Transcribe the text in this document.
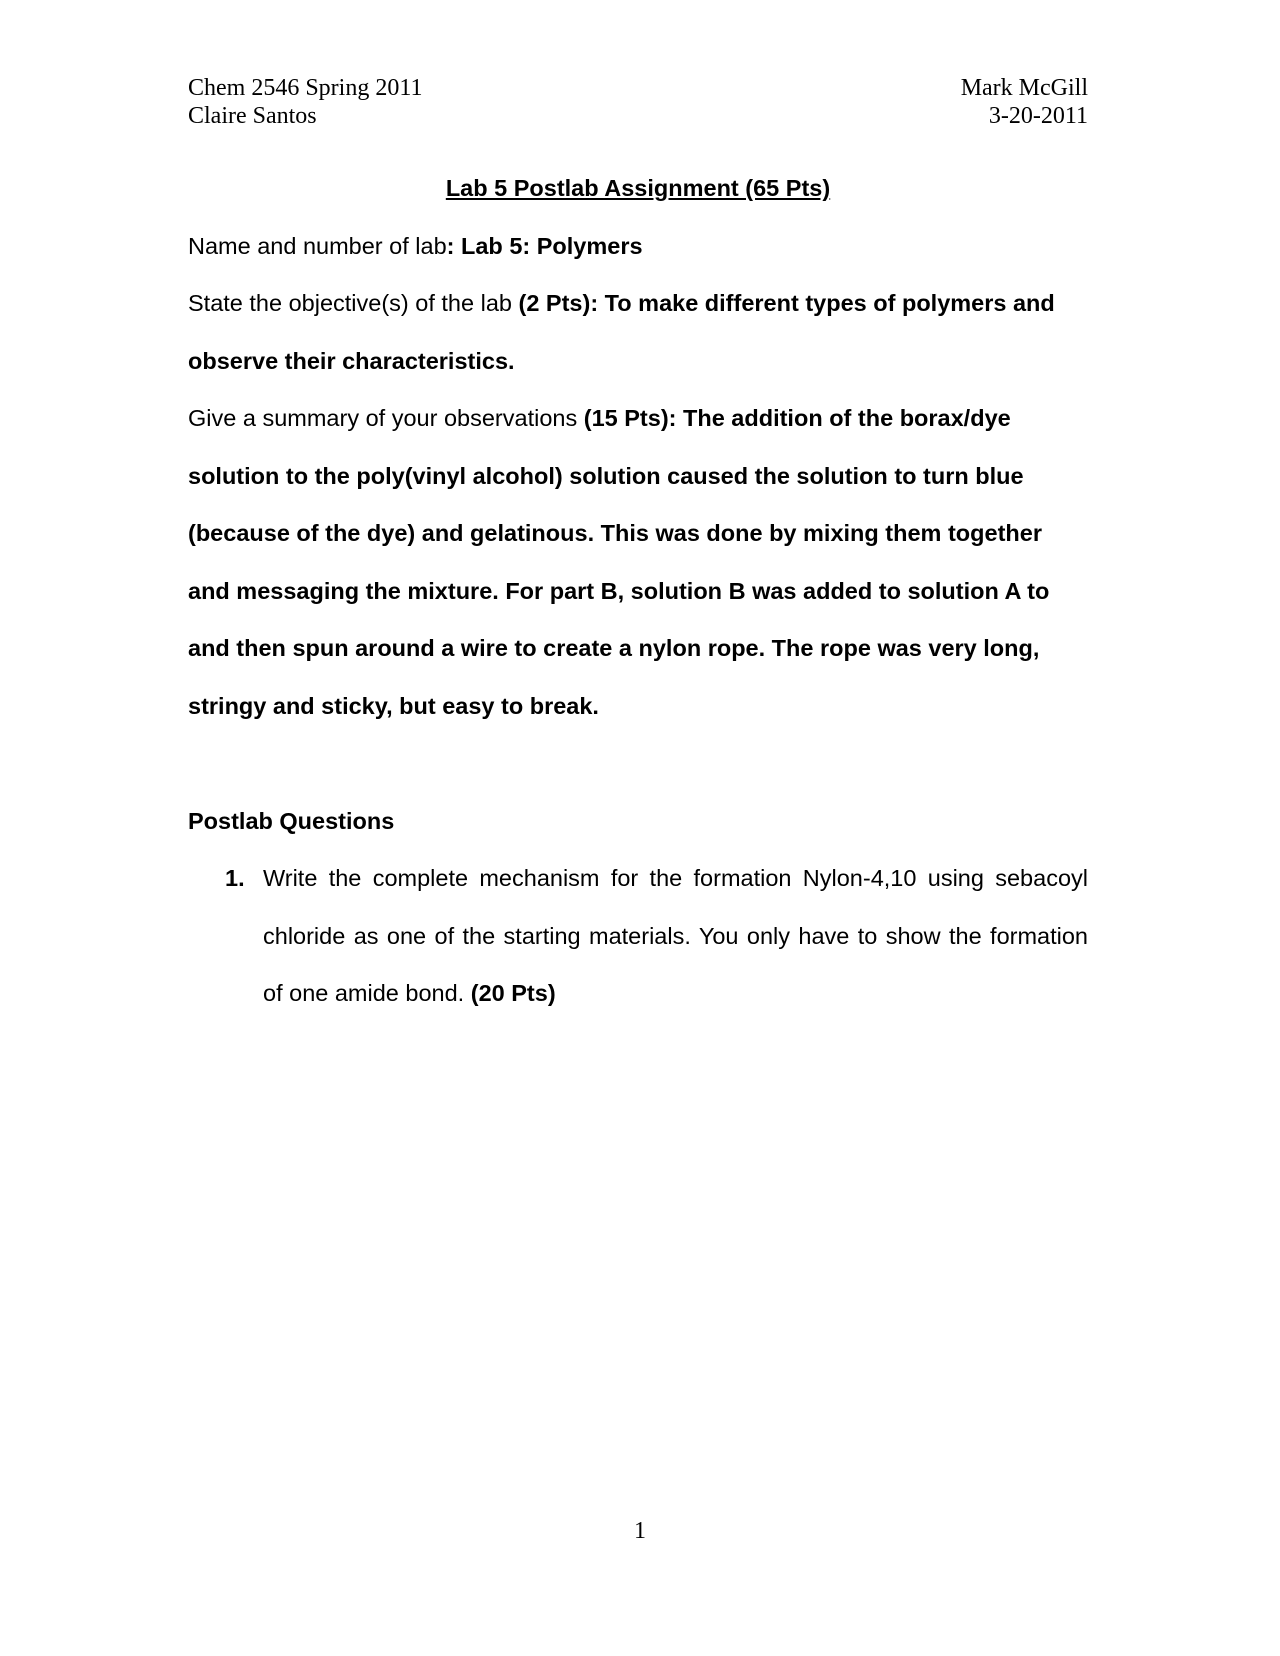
Chem 2546 Spring 2011	Mark McGill
Claire Santos	3-20-2011
Lab 5 Postlab Assignment (65 Pts)

Name and number of lab: Lab 5: Polymers

State the objective(s) of the lab (2 Pts): To make different types of polymers and observe their characteristics.

Give a summary of your observations (15 Pts): The addition of the borax/dye solution to the poly(vinyl alcohol) solution caused the solution to turn blue (because of the dye) and gelatinous. This was done by mixing them together and messaging the mixture. For part B, solution B was added to solution A to and then spun around a wire to create a nylon rope. The rope was very long, stringy and sticky, but easy to break.

Postlab Questions
1. Write the complete mechanism for the formation Nylon-4,10 using sebacoyl chloride as one of the starting materials. You only have to show the formation of one amide bond. (20 Pts)
1
